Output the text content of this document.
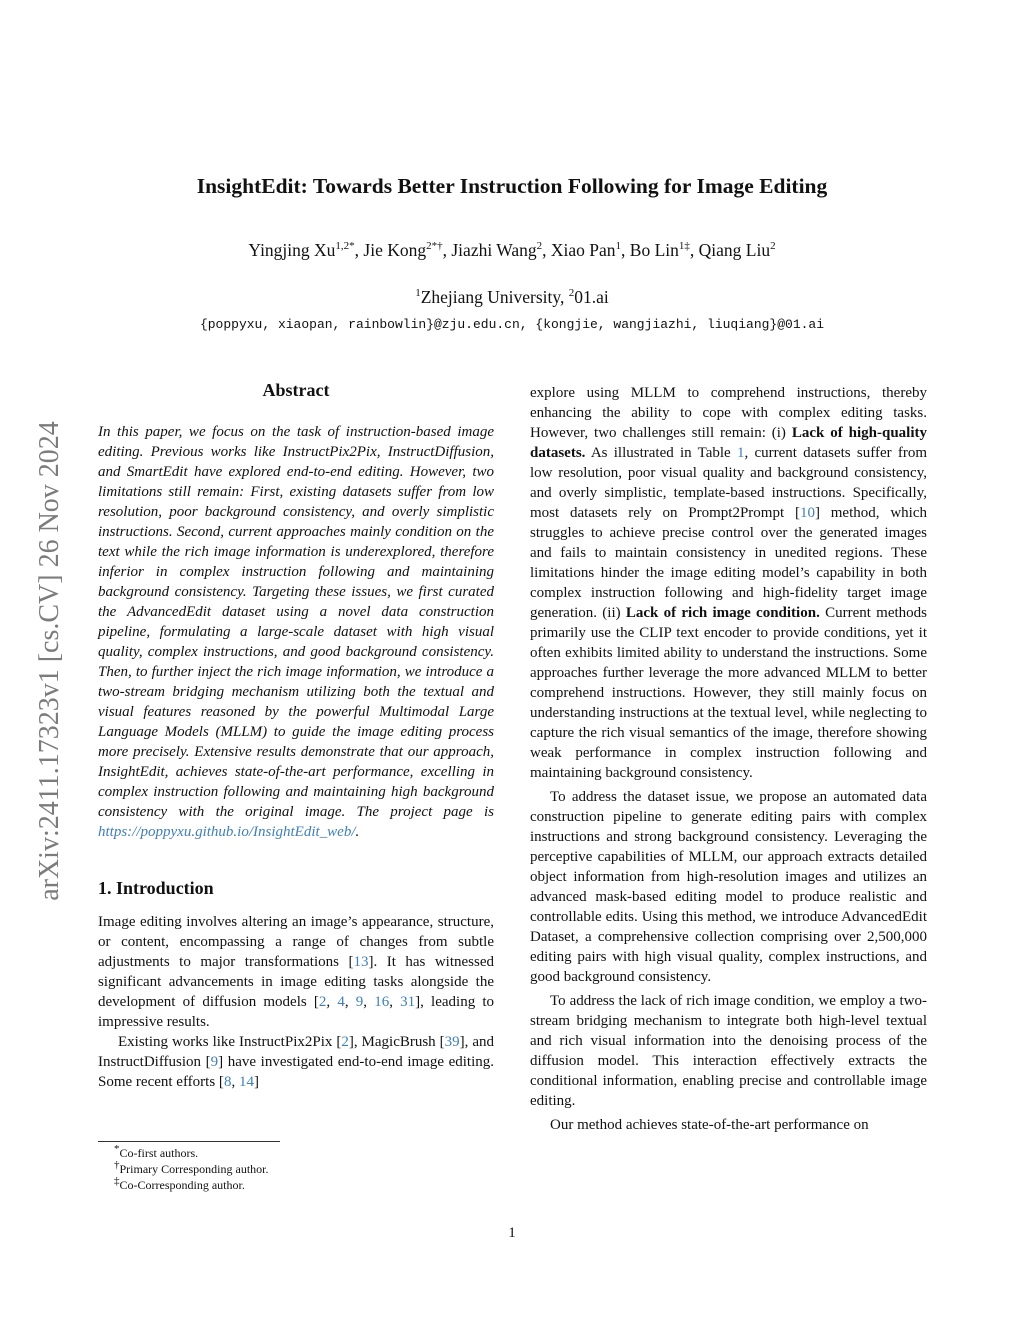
arXiv:2411.17323v1 [cs.CV] 26 Nov 2024
InsightEdit: Towards Better Instruction Following for Image Editing
Yingjing $Xu^{1,2*}$, Jie Kong$^{2*\dagger}$, Jiazhi Wang$^2$, Xiao Pan$^1$, Bo Lin$^{1\ddagger}$, Qiang Liu$^2$
$^1$Zhejiang University, $^2$01.ai
{poppyxu, xiaopan, rainbowlin}@zju.edu.cn, {kongjie, wangjiazhi, liuqiang}@01.ai
Abstract

In this paper, we focus on the task of instruction-based image editing. Previous works like InstructPix2Pix, InstructDiffusion, and SmartEdit have explored end-to-end editing. However, two limitations still remain: First, existing datasets suffer from low resolution, poor background consistency, and overly simplistic instructions. Second, current approaches mainly condition on the text while the rich image information is underexplored, therefore inferior in complex instruction following and maintaining background consistency. Targeting these issues, we first curated the AdvancedEdit dataset using a novel data construction pipeline, formulating a large-scale dataset with high visual quality, complex instructions, and good background consistency. Then, to further inject the rich image information, we introduce a two-stream bridging mechanism utilizing both the textual and visual features reasoned by the powerful Multimodal Large Language Models (MLLM) to guide the image editing process more precisely. Extensive results demonstrate that our approach, InsightEdit, achieves state-of-the-art performance, excelling in complex instruction following and maintaining high background consistency with the original image. The project page is https://poppyxu.github.io/InsightEdit_web/.

1. Introduction

Image editing involves altering an image’s appearance, structure, or content, encompassing a range of changes from subtle adjustments to major transformations [13]. It has witnessed significant advancements in image editing tasks alongside the development of diffusion models [2, 4, 9, 16, 31], leading to impressive results.

Existing works like InstructPix2Pix [2], MagicBrush [39], and InstructDiffusion [9] have investigated end-to-end image editing. Some recent efforts [8, 14]

explore using MLLM to comprehend instructions, thereby enhancing the ability to cope with complex editing tasks. However, two challenges still remain: (i) Lack of high-quality datasets. As illustrated in Table 1, current datasets suffer from low resolution, poor visual quality and background consistency, and overly simplistic, template-based instructions. Specifically, most datasets rely on Prompt2Prompt [10] method, which struggles to achieve precise control over the generated images and fails to maintain consistency in unedited regions. These limitations hinder the image editing model’s capability in both complex instruction following and high-fidelity target image generation. (ii) Lack of rich image condition. Current methods primarily use the CLIP text encoder to provide conditions, yet it often exhibits limited ability to understand the instructions. Some approaches further leverage the more advanced MLLM to better comprehend instructions. However, they still mainly focus on understanding instructions at the textual level, while neglecting to capture the rich visual semantics of the image, therefore showing weak performance in complex instruction following and maintaining background consistency.

To address the dataset issue, we propose an automated data construction pipeline to generate editing pairs with complex instructions and strong background consistency. Leveraging the perceptive capabilities of MLLM, our approach extracts detailed object information from high-resolution images and utilizes an advanced mask-based editing model to produce realistic and controllable edits. Using this method, we introduce AdvancedEdit Dataset, a comprehensive collection comprising over 2,500,000 editing pairs with high visual quality, complex instructions, and good background consistency.

To address the lack of rich image condition, we employ a two-stream bridging mechanism to integrate both high-level textual and rich visual information into the denoising process of the diffusion model. This interaction effectively extracts the conditional information, enabling precise and controllable image editing.

Our method achieves state-of-the-art performance on

*Co-first authors.
†Primary Corresponding author.
‡Co-Corresponding author.
1
